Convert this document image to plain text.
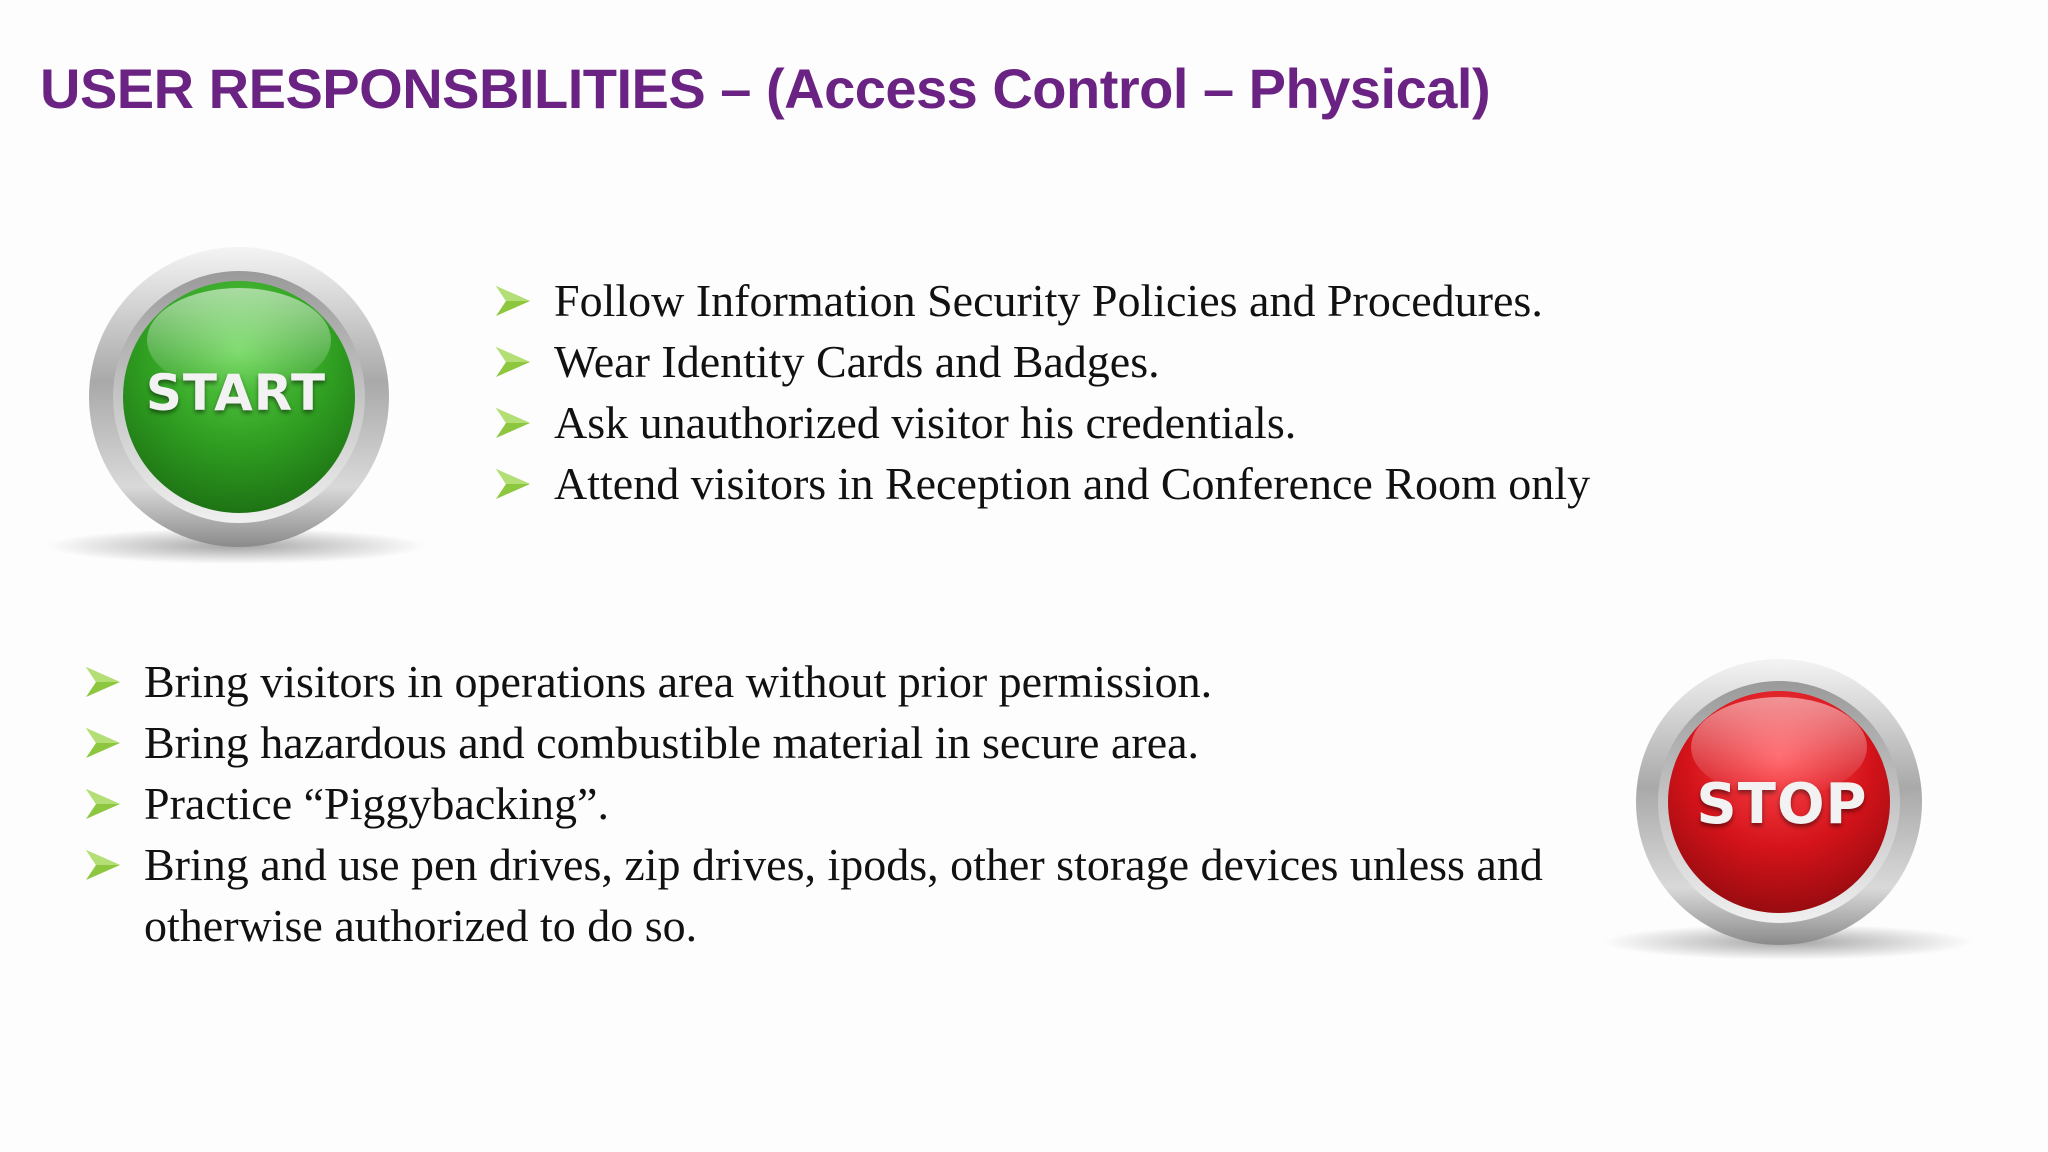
USER RESPONSBILITIES – (Access Control – Physical)
START
Follow Information Security Policies and Procedures.
Wear Identity Cards and Badges.
Ask unauthorized visitor his credentials.
Attend visitors in Reception and Conference Room only
Bring visitors in operations area without prior permission.
Bring hazardous and combustible material in secure area.
Practice “Piggybacking”.
Bring and use pen drives, zip drives, ipods, other storage devices unless and otherwise authorized to do so.
STOP
